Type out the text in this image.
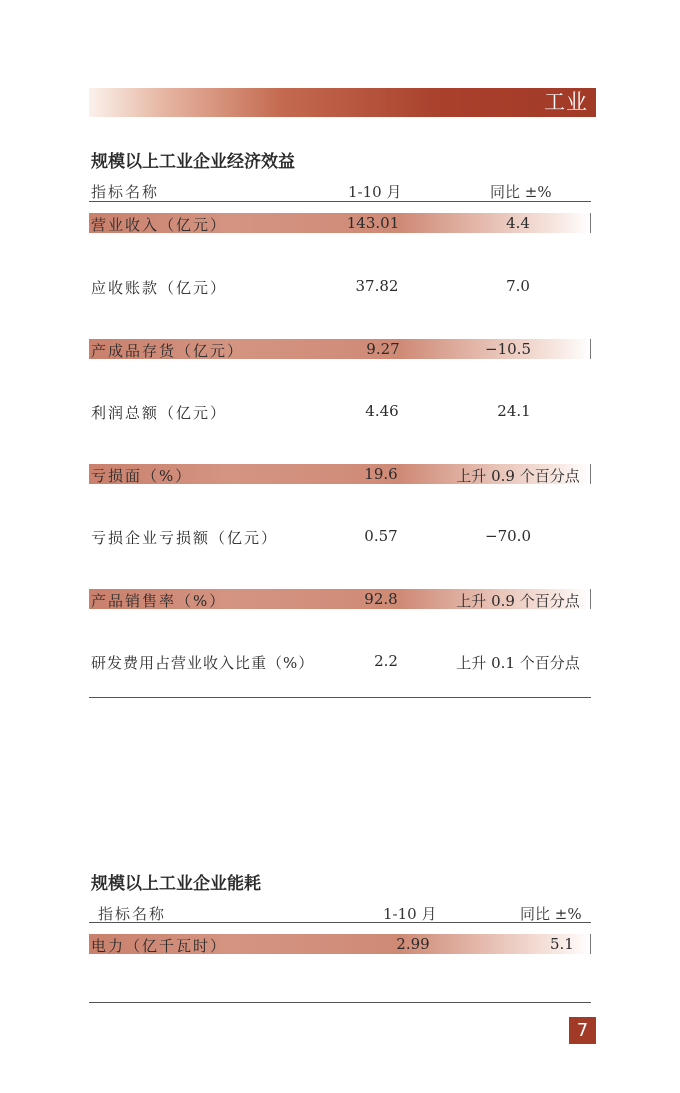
工业
规模以上工业企业经济效益
指标名称	1-10 月	同比 ±%
营业收入（亿元）	143.01	4.4
应收账款（亿元）	37.82	7.0
产成品存货（亿元）	9.27	−10.5
利润总额（亿元）	4.46	24.1
亏损面（%）	19.6	上升 0.9 个百分点
亏损企业亏损额（亿元）	0.57	−70.0
产品销售率（%）	92.8	上升 0.9 个百分点
研发费用占营业收入比重（%）	2.2	上升 0.1 个百分点
规模以上工业企业能耗
指标名称	1-10 月	同比 ±%
电力（亿千瓦时）	2.99	5.1
7
